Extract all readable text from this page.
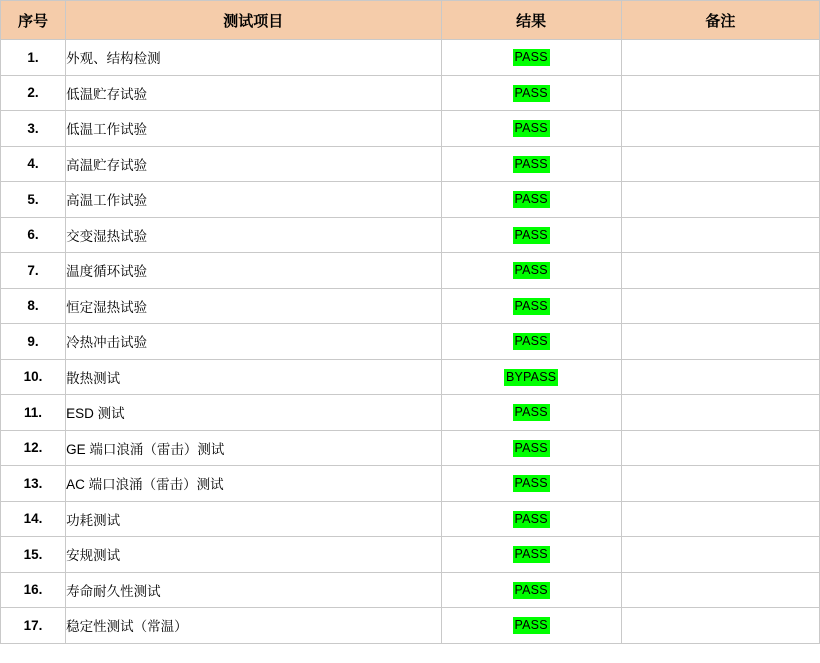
序号	测试项目	结果	备注
1.	外观、结构检测	PASS	
2.	低温贮存试验	PASS	
3.	低温工作试验	PASS	
4.	高温贮存试验	PASS	
5.	高温工作试验	PASS	
6.	交变湿热试验	PASS	
7.	温度循环试验	PASS	
8.	恒定湿热试验	PASS	
9.	冷热冲击试验	PASS	
10.	散热测试	BYPASS	
11.	ESD 测试	PASS	
12.	GE 端口浪涌（雷击）测试	PASS	
13.	AC 端口浪涌（雷击）测试	PASS	
14.	功耗测试	PASS	
15.	安规测试	PASS	
16.	寿命耐久性测试	PASS	
17.	稳定性测试（常温）	PASS	
